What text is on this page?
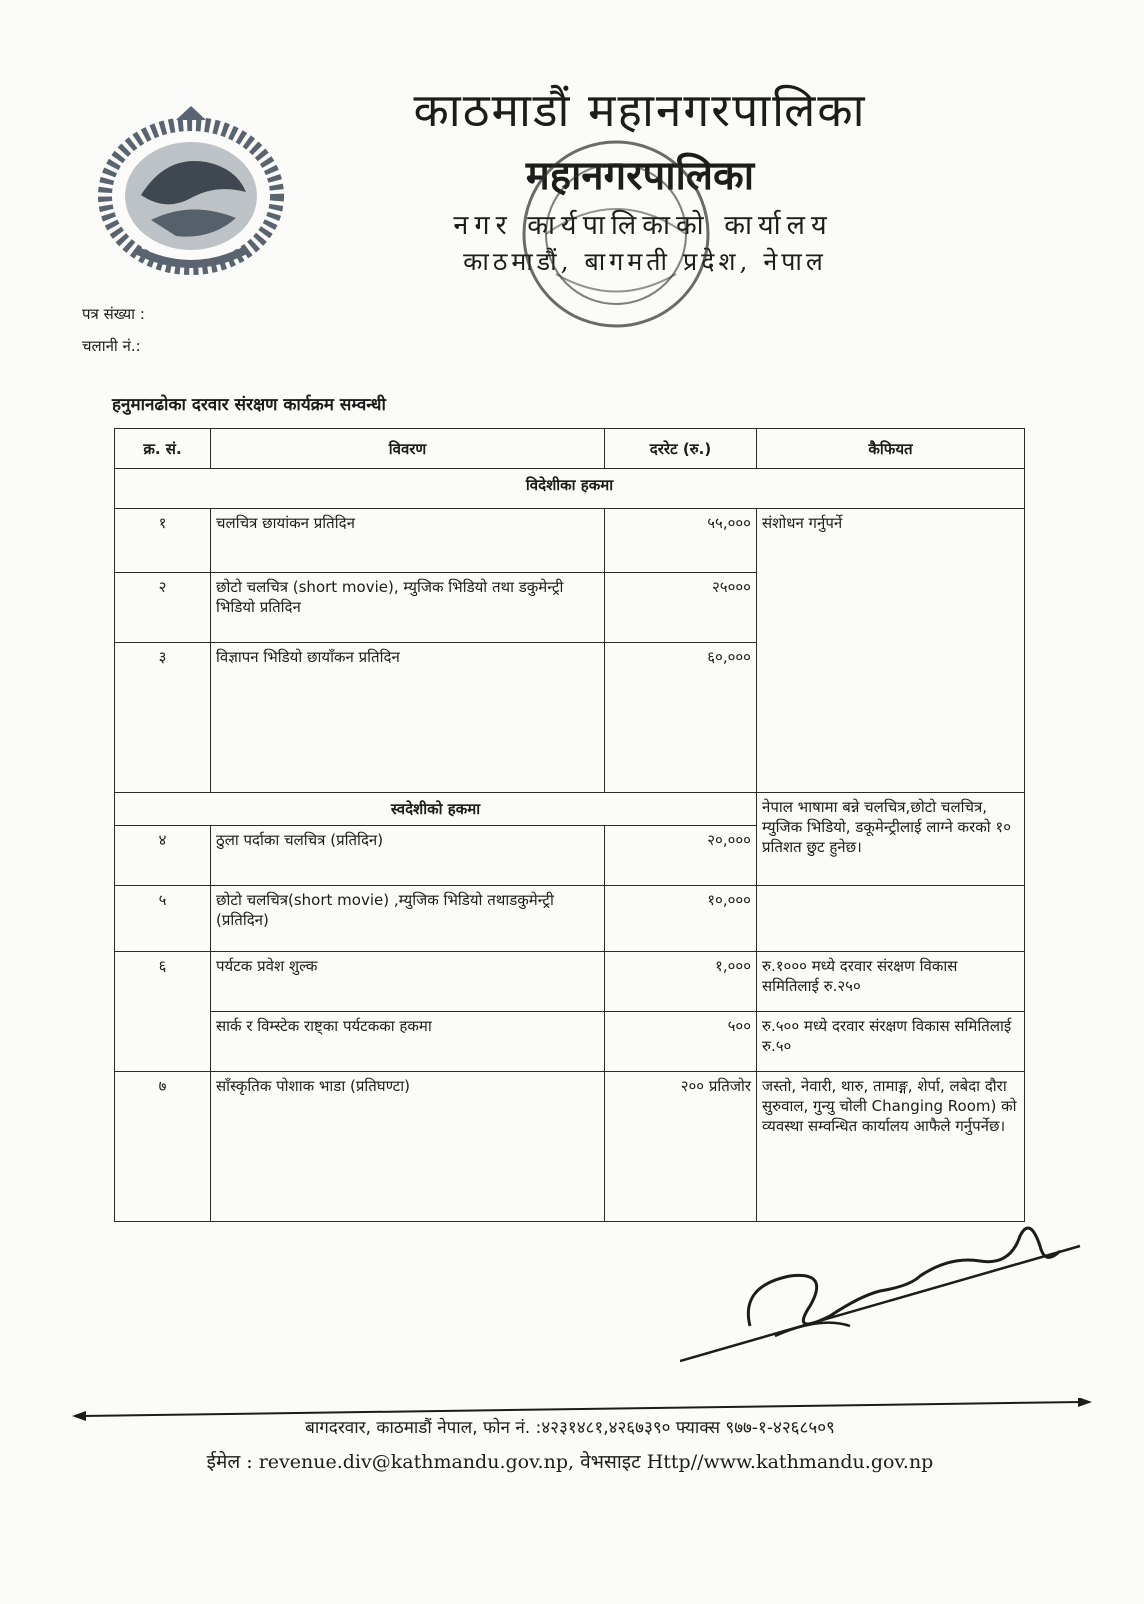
काठमाडौं महानगरपालिका
महानगरपालिका
नगर कार्यपालिकाको कार्यालय
काठमाडौं, बागमती प्रदेश, नेपाल
पत्र संख्या :
चलानी नं.:
हनुमानढोका दरवार संरक्षण कार्यक्रम सम्वन्धी
क्र. सं.	विवरण	दररेट (रु.)	कैफियत
विदेशीका हकमा			
१	चलचित्र छायांकन प्रतिदिन	५५,०००	संशोधन गर्नुपर्ने
२	छोटो चलचित्र (short movie), म्युजिक भिडियो तथा डकुमेन्ट्री भिडियो प्रतिदिन	२५०००	
३	विज्ञापन भिडियो छायाँकन प्रतिदिन	६०,०००	
स्वदेशीको हकमा			नेपाल भाषामा बन्ने चलचित्र,छोटो चलचित्र, म्युजिक भिडियो, डकूमेन्ट्रीलाई लाग्ने करको १० प्रतिशत छुट हुनेछ।
४	ठुला पर्दाका चलचित्र (प्रतिदिन)	२०,०००	
५	छोटो चलचित्र(short movie) ,म्युजिक भिडियो तथाडकुमेन्ट्री (प्रतिदिन)	१०,०००	
६	पर्यटक प्रवेश शुल्क	१,०००	रु.१००० मध्ये दरवार संरक्षण विकास समितिलाई रु.२५०
	सार्क र विम्स्टेक राष्ट्का पर्यटकका हकमा	५००	रु.५०० मध्ये दरवार संरक्षण विकास समितिलाई रु.५०
७	साँस्कृतिक पोशाक भाडा (प्रतिघण्टा)	२०० प्रतिजोर	जस्तो, नेवारी, थारु, तामाङ्ग, शेर्पा, लबेदा दौरा सुरुवाल, गुन्यु चोली Changing Room) को व्यवस्था सम्वन्धित कार्यालय आफैले गर्नुपर्नेछ।
बागदरवार, काठमाडौं नेपाल, फोन नं. :४२३१४८१,४२६७३९० फ्याक्स ९७७-१-४२६८५०९
ईमेल : revenue.div@kathmandu.gov.np, वेभसाइट Http//www.kathmandu.gov.np
